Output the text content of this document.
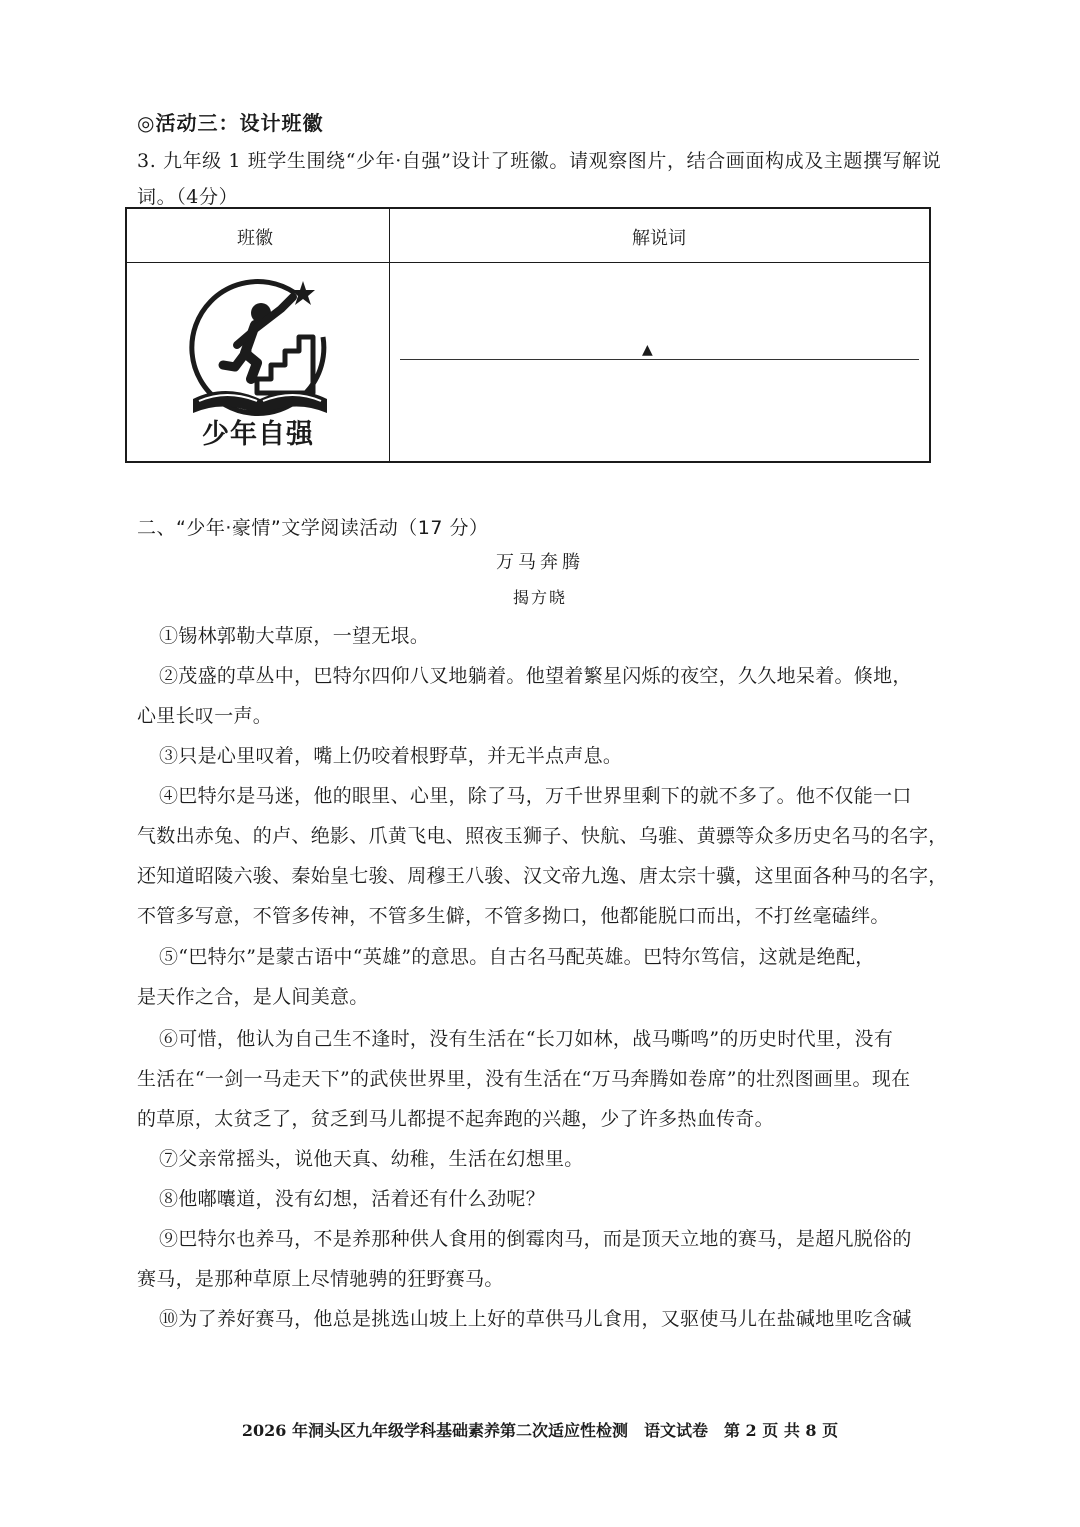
◎活动三：设计班徽
3. 九年级 1 班学生围绕“少年·自强”设计了班徽。请观察图片，结合画面构成及主题撰写解说
词。（4分）
班徽	解说词
少年自强
▲
二、“少年·豪情”文学阅读活动（17 分）
万马奔腾
揭方晓
①锡林郭勒大草原，一望无垠。
②茂盛的草丛中，巴特尔四仰八叉地躺着。他望着繁星闪烁的夜空，久久地呆着。倏地，
心里长叹一声。
③只是心里叹着，嘴上仍咬着根野草，并无半点声息。
④巴特尔是马迷，他的眼里、心里，除了马，万千世界里剩下的就不多了。他不仅能一口
气数出赤兔、的卢、绝影、爪黄飞电、照夜玉狮子、快航、乌骓、黄骠等众多历史名马的名字，
还知道昭陵六骏、秦始皇七骏、周穆王八骏、汉文帝九逸、唐太宗十骥，这里面各种马的名字，
不管多写意，不管多传神，不管多生僻，不管多拗口，他都能脱口而出，不打丝毫磕绊。
⑤“巴特尔”是蒙古语中“英雄”的意思。自古名马配英雄。巴特尔笃信，这就是绝配，
是天作之合，是人间美意。
⑥可惜，他认为自己生不逢时，没有生活在“长刀如林，战马嘶鸣”的历史时代里，没有
生活在“一剑一马走天下”的武侠世界里，没有生活在“万马奔腾如卷席”的壮烈图画里。现在
的草原，太贫乏了，贫乏到马儿都提不起奔跑的兴趣，少了许多热血传奇。
⑦父亲常摇头，说他天真、幼稚，生活在幻想里。
⑧他嘟囔道，没有幻想，活着还有什么劲呢？
⑨巴特尔也养马，不是养那种供人食用的倒霉肉马，而是顶天立地的赛马，是超凡脱俗的
赛马，是那种草原上尽情驰骋的狂野赛马。
⑩为了养好赛马，他总是挑选山坡上上好的草供马儿食用，又驱使马儿在盐碱地里吃含碱
2026 年洞头区九年级学科基础素养第二次适应性检测　语文试卷　第 2 页 共 8 页
